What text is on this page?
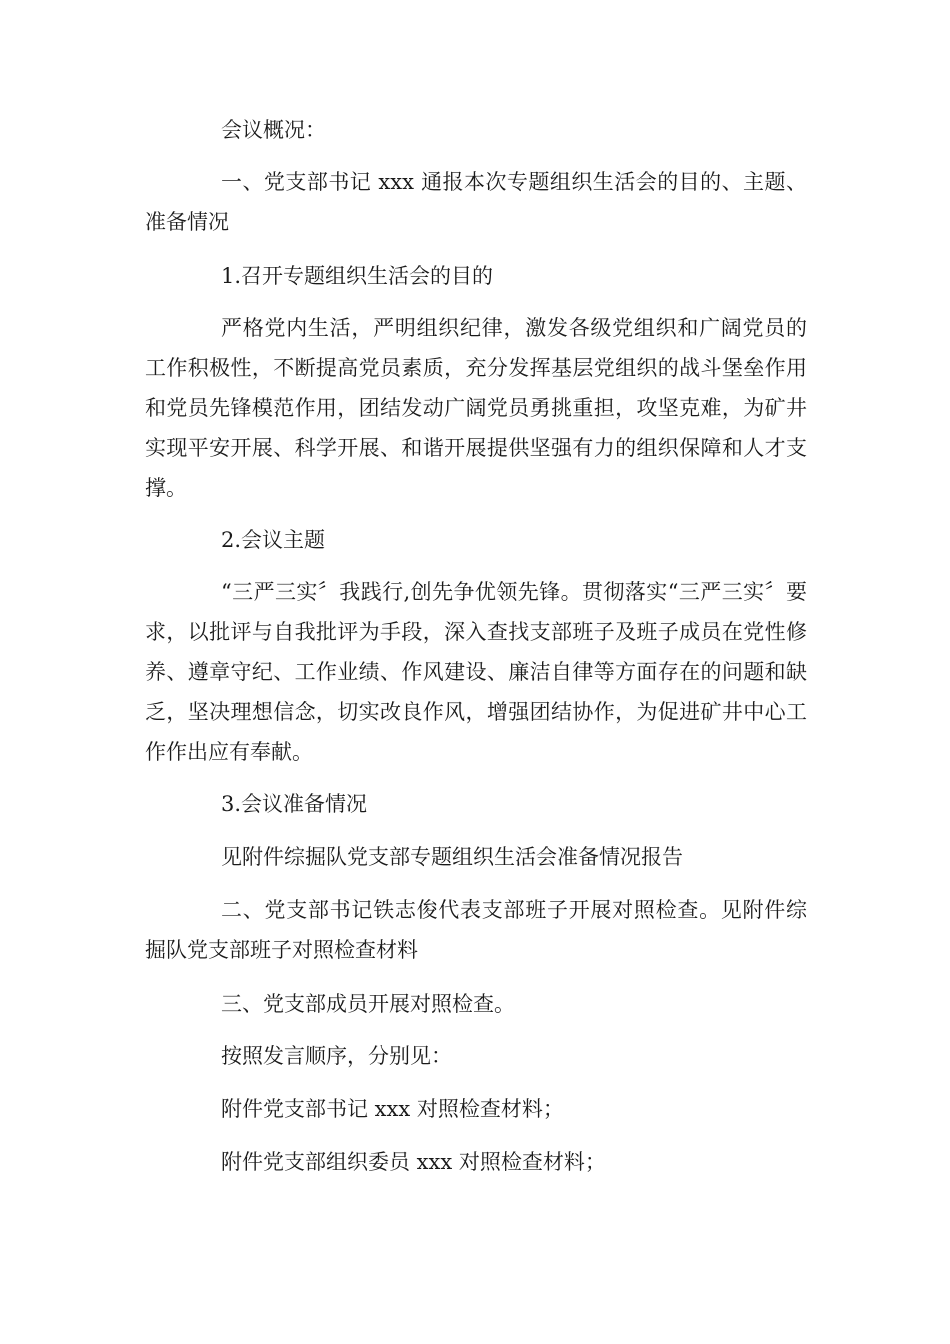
会议概况：

一、党支部书记 xxx 通报本次专题组织生活会的目的、主题、准备情况

1.召开专题组织生活会的目的

严格党内生活，严明组织纪律，激发各级党组织和广阔党员的工作积极性，不断提高党员素质，充分发挥基层党组织的战斗堡垒作用和党员先锋模范作用，团结发动广阔党员勇挑重担，攻坚克难，为矿井实现平安开展、科学开展、和谐开展提供坚强有力的组织保障和人才支撑。

2.会议主题

“三严三实〞我践行,创先争优领先锋。贯彻落实“三严三实〞要求，以批评与自我批评为手段，深入查找支部班子及班子成员在党性修养、遵章守纪、工作业绩、作风建设、廉洁自律等方面存在的问题和缺乏，坚决理想信念，切实改良作风，增强团结协作，为促进矿井中心工作作出应有奉献。

3.会议准备情况

见附件综掘队党支部专题组织生活会准备情况报告

二、党支部书记铁志俊代表支部班子开展对照检查。见附件综掘队党支部班子对照检查材料

三、党支部成员开展对照检查。

按照发言顺序，分别见：

附件党支部书记 xxx 对照检查材料；

附件党支部组织委员 xxx 对照检查材料；
